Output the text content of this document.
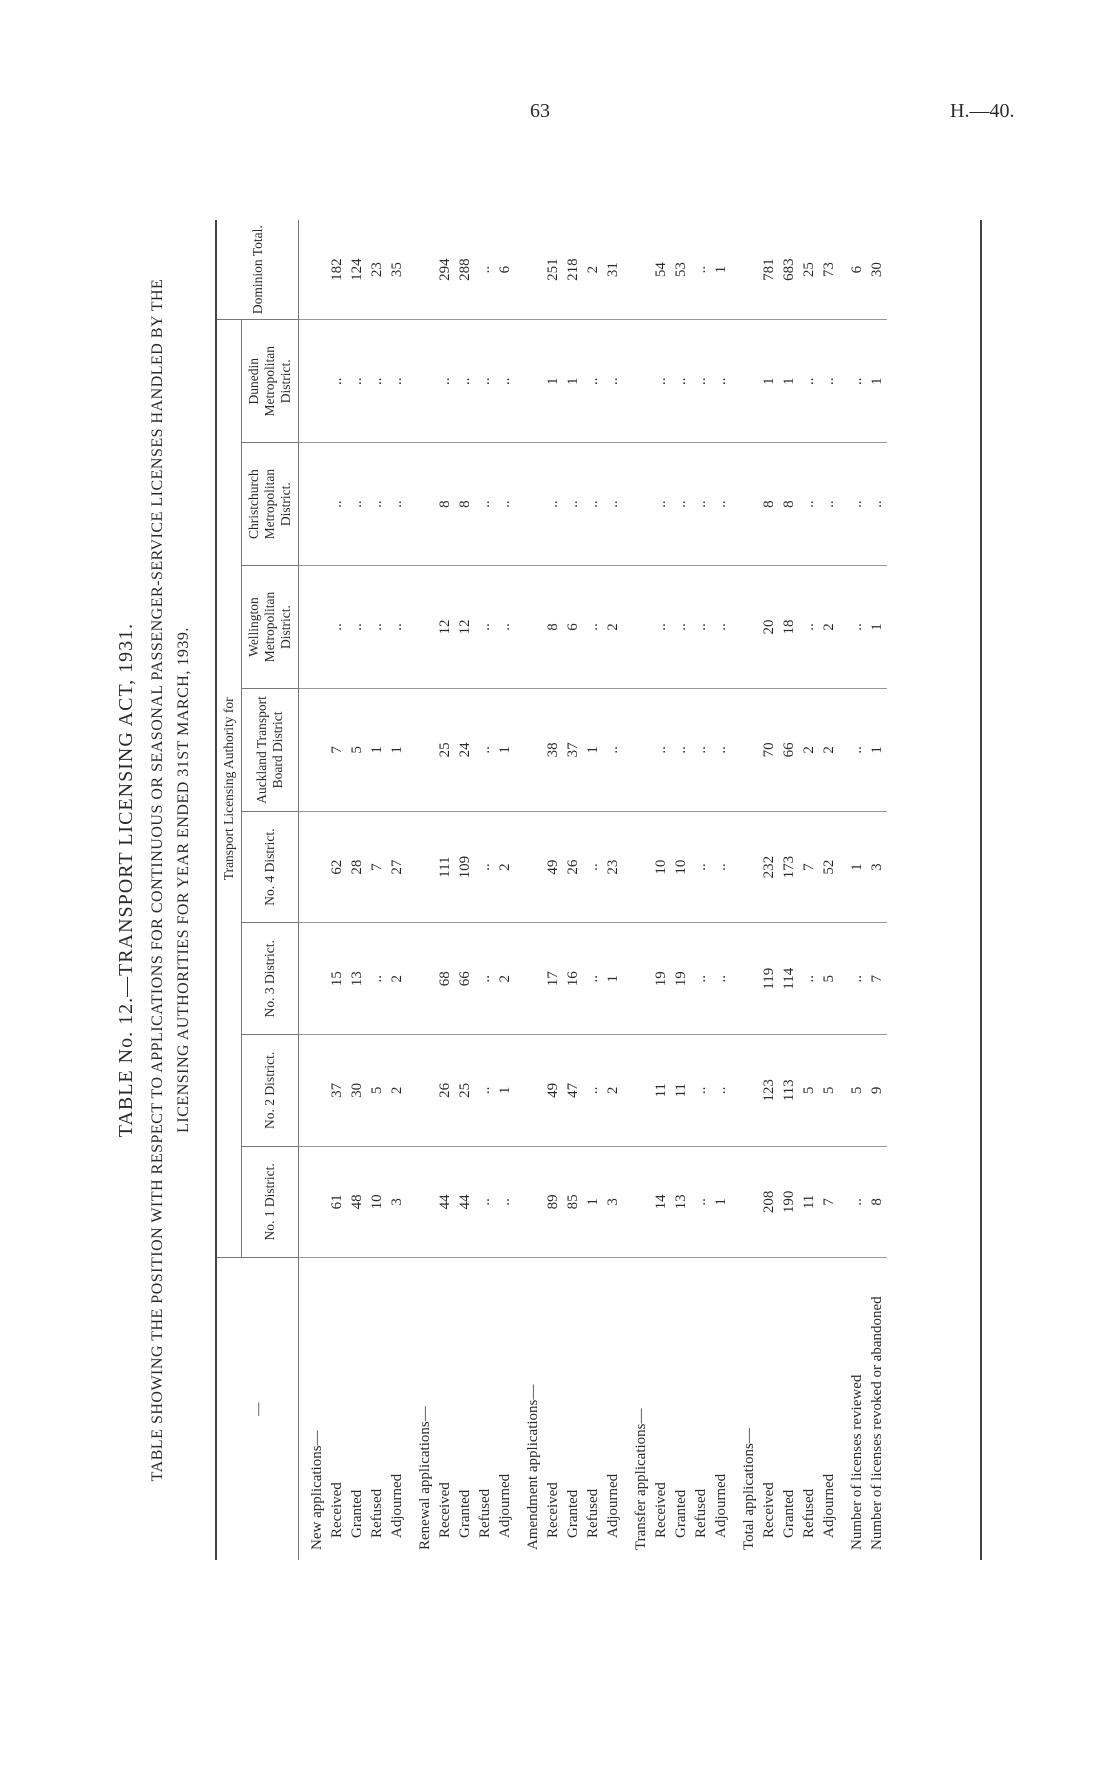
63	H.—40.
TABLE No. 12.—TRANSPORT LICENSING ACT, 1931. TABLE SHOWING THE POSITION WITH RESPECT TO APPLICATIONS FOR CONTINUOUS OR SEASONAL PASSENGER-SERVICE LICENSES HANDLED BY THE LICENSING AUTHORITIES FOR YEAR ENDED 31ST MARCH, 1939.
—	Transport Licensing Authority for								Dominion Total.
	No. 1 District.	No. 2 District.	No. 3 District.	No. 4 District.	Auckland Transport Board District	Wellington Metropolitan District.	Christchurch Metropolitan District.	Dunedin Metropolitan District.	
New applications—									
Received	61	37	15	62	7	..	..	..	182
Granted	48	30	13	28	5	..	..	..	124
Refused	10	5	..	7	1	..	..	..	23
Adjourned	3	2	2	27	1	..	..	..	35
Renewal applications—									
Received	44	26	68	111	25	12	8	..	294
Granted	44	25	66	109	24	12	8	..	288
Refused	..	..	..	..	..	..	..	..	..
Adjourned	..	1	2	2	1	..	..	..	6
Amendment applications—									
Received	89	49	17	49	38	8	..	1	251
Granted	85	47	16	26	37	6	..	1	218
Refused	1	..	..	..	1	..	..	..	2
Adjourned	3	2	1	23	..	2	..	..	31
Transfer applications—									
Received	14	11	19	10	..	..	..	..	54
Granted	13	11	19	10	..	..	..	..	53
Refused	..	..	..	..	..	..	..	..	..
Adjourned	1	..	..	..	..	..	..	..	1
Total applications—									
Received	208	123	119	232	70	20	8	1	781
Granted	190	113	114	173	66	18	8	1	683
Refused	11	5	..	7	2	..	..	..	25
Adjourned	7	5	5	52	2	2	..	..	73
Number of licenses reviewed	..	5	..	1	..	..	..	..	6
Number of licenses revoked or abandoned	8	9	7	3	1	1	..	1	30
